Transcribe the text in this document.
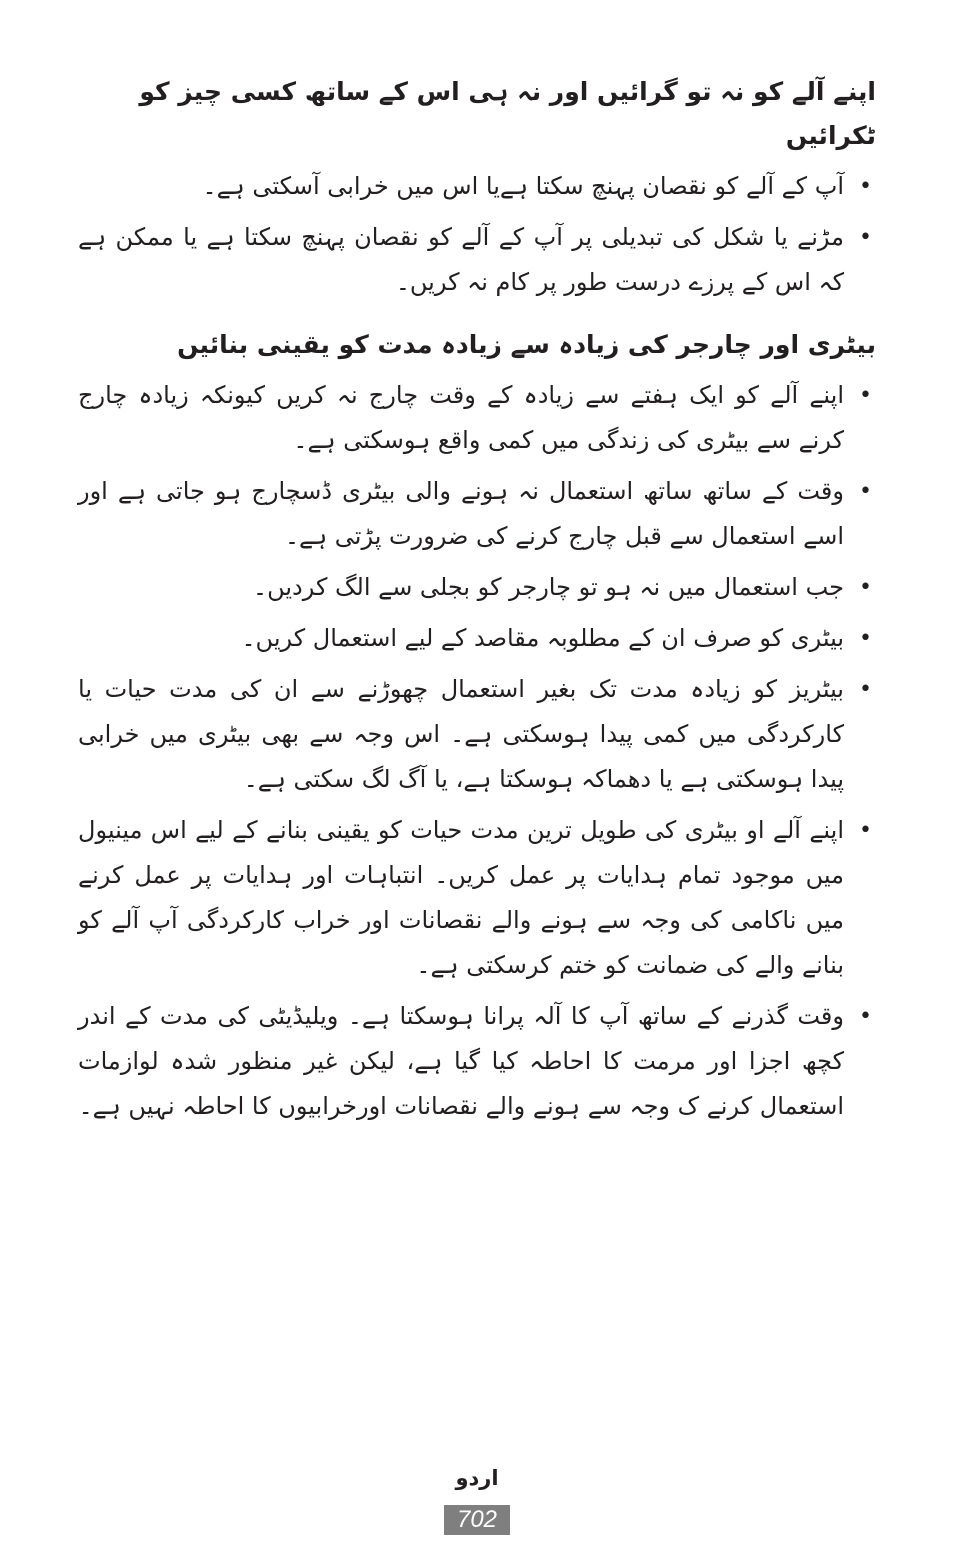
اپنے آلے کو نہ تو گرائیں اور نہ ہی اس کے ساتھ کسی چیز کو ٹکرائیں
•
آپ کے آلے کو نقصان پہنچ سکتا ہےیا اس میں خرابی آسکتی ہے۔
•
مڑنے یا شکل کی تبدیلی پر آپ کے آلے کو نقصان پہنچ سکتا ہے یا ممکن ہے کہ اس کے پرزے درست طور پر کام نہ کریں۔
بیٹری اور چارجر کی زیادہ سے زیادہ مدت کو یقینی بنائیں
•
اپنے آلے کو ایک ہفتے سے زیادہ کے وقت چارج نہ کریں کیونکہ زیادہ چارج کرنے سے بیٹری کی زندگی میں کمی واقع ہوسکتی ہے۔
•
وقت کے ساتھ ساتھ استعمال نہ ہونے والی بیٹری ڈسچارج ہو جاتی ہے اور اسے استعمال سے قبل چارج کرنے کی ضرورت پڑتی ہے۔
•
جب استعمال میں نہ ہو تو چارجر کو بجلی سے الگ کردیں۔
•
بیٹری کو صرف ان کے مطلوبہ مقاصد کے لیے استعمال کریں۔
•
بیٹریز کو زیادہ مدت تک بغیر استعمال چھوڑنے سے ان کی مدت حیات یا کارکردگی میں کمی پیدا ہوسکتی ہے۔ اس وجہ سے بھی بیٹری میں خرابی پیدا ہوسکتی ہے یا دھماکہ ہوسکتا ہے، یا آگ لگ سکتی ہے۔
•
اپنے آلے او بیٹری کی طویل ترین مدت حیات کو یقینی بنانے کے لیے اس مینیول میں موجود تمام ہدایات پر عمل کریں۔ انتباہات اور ہدایات پر عمل کرنے میں ناکامی کی وجہ سے ہونے والے نقصانات اور خراب کارکردگی آپ آلے کو بنانے والے کی ضمانت کو ختم کرسکتی ہے۔
•
وقت گذرنے کے ساتھ آپ کا آلہ پرانا ہوسکتا ہے۔ ویلیڈیٹی کی مدت کے اندر کچھ اجزا اور مرمت کا احاطہ کیا گیا ہے، لیکن غیر منظور شدہ لوازمات استعمال کرنے ک وجہ سے ہونے والے نقصانات اورخرابیوں کا احاطہ نہیں ہے۔
اردو
702
